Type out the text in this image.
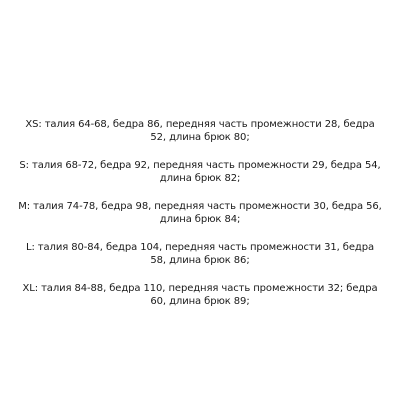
XS: талия 64-68, бедра 86, передняя часть промежности 28, бедра 52, длина брюк 80;
S: талия 68-72, бедра 92, передняя часть промежности 29, бедра 54, длина брюк 82;
M: талия 74-78, бедра 98, передняя часть промежности 30, бедра 56, длина брюк 84;
L: талия 80-84, бедра 104, передняя часть промежности 31, бедра 58, длина брюк 86;
XL: талия 84-88, бедра 110, передняя часть промежности 32; бедра 60, длина брюк 89;
